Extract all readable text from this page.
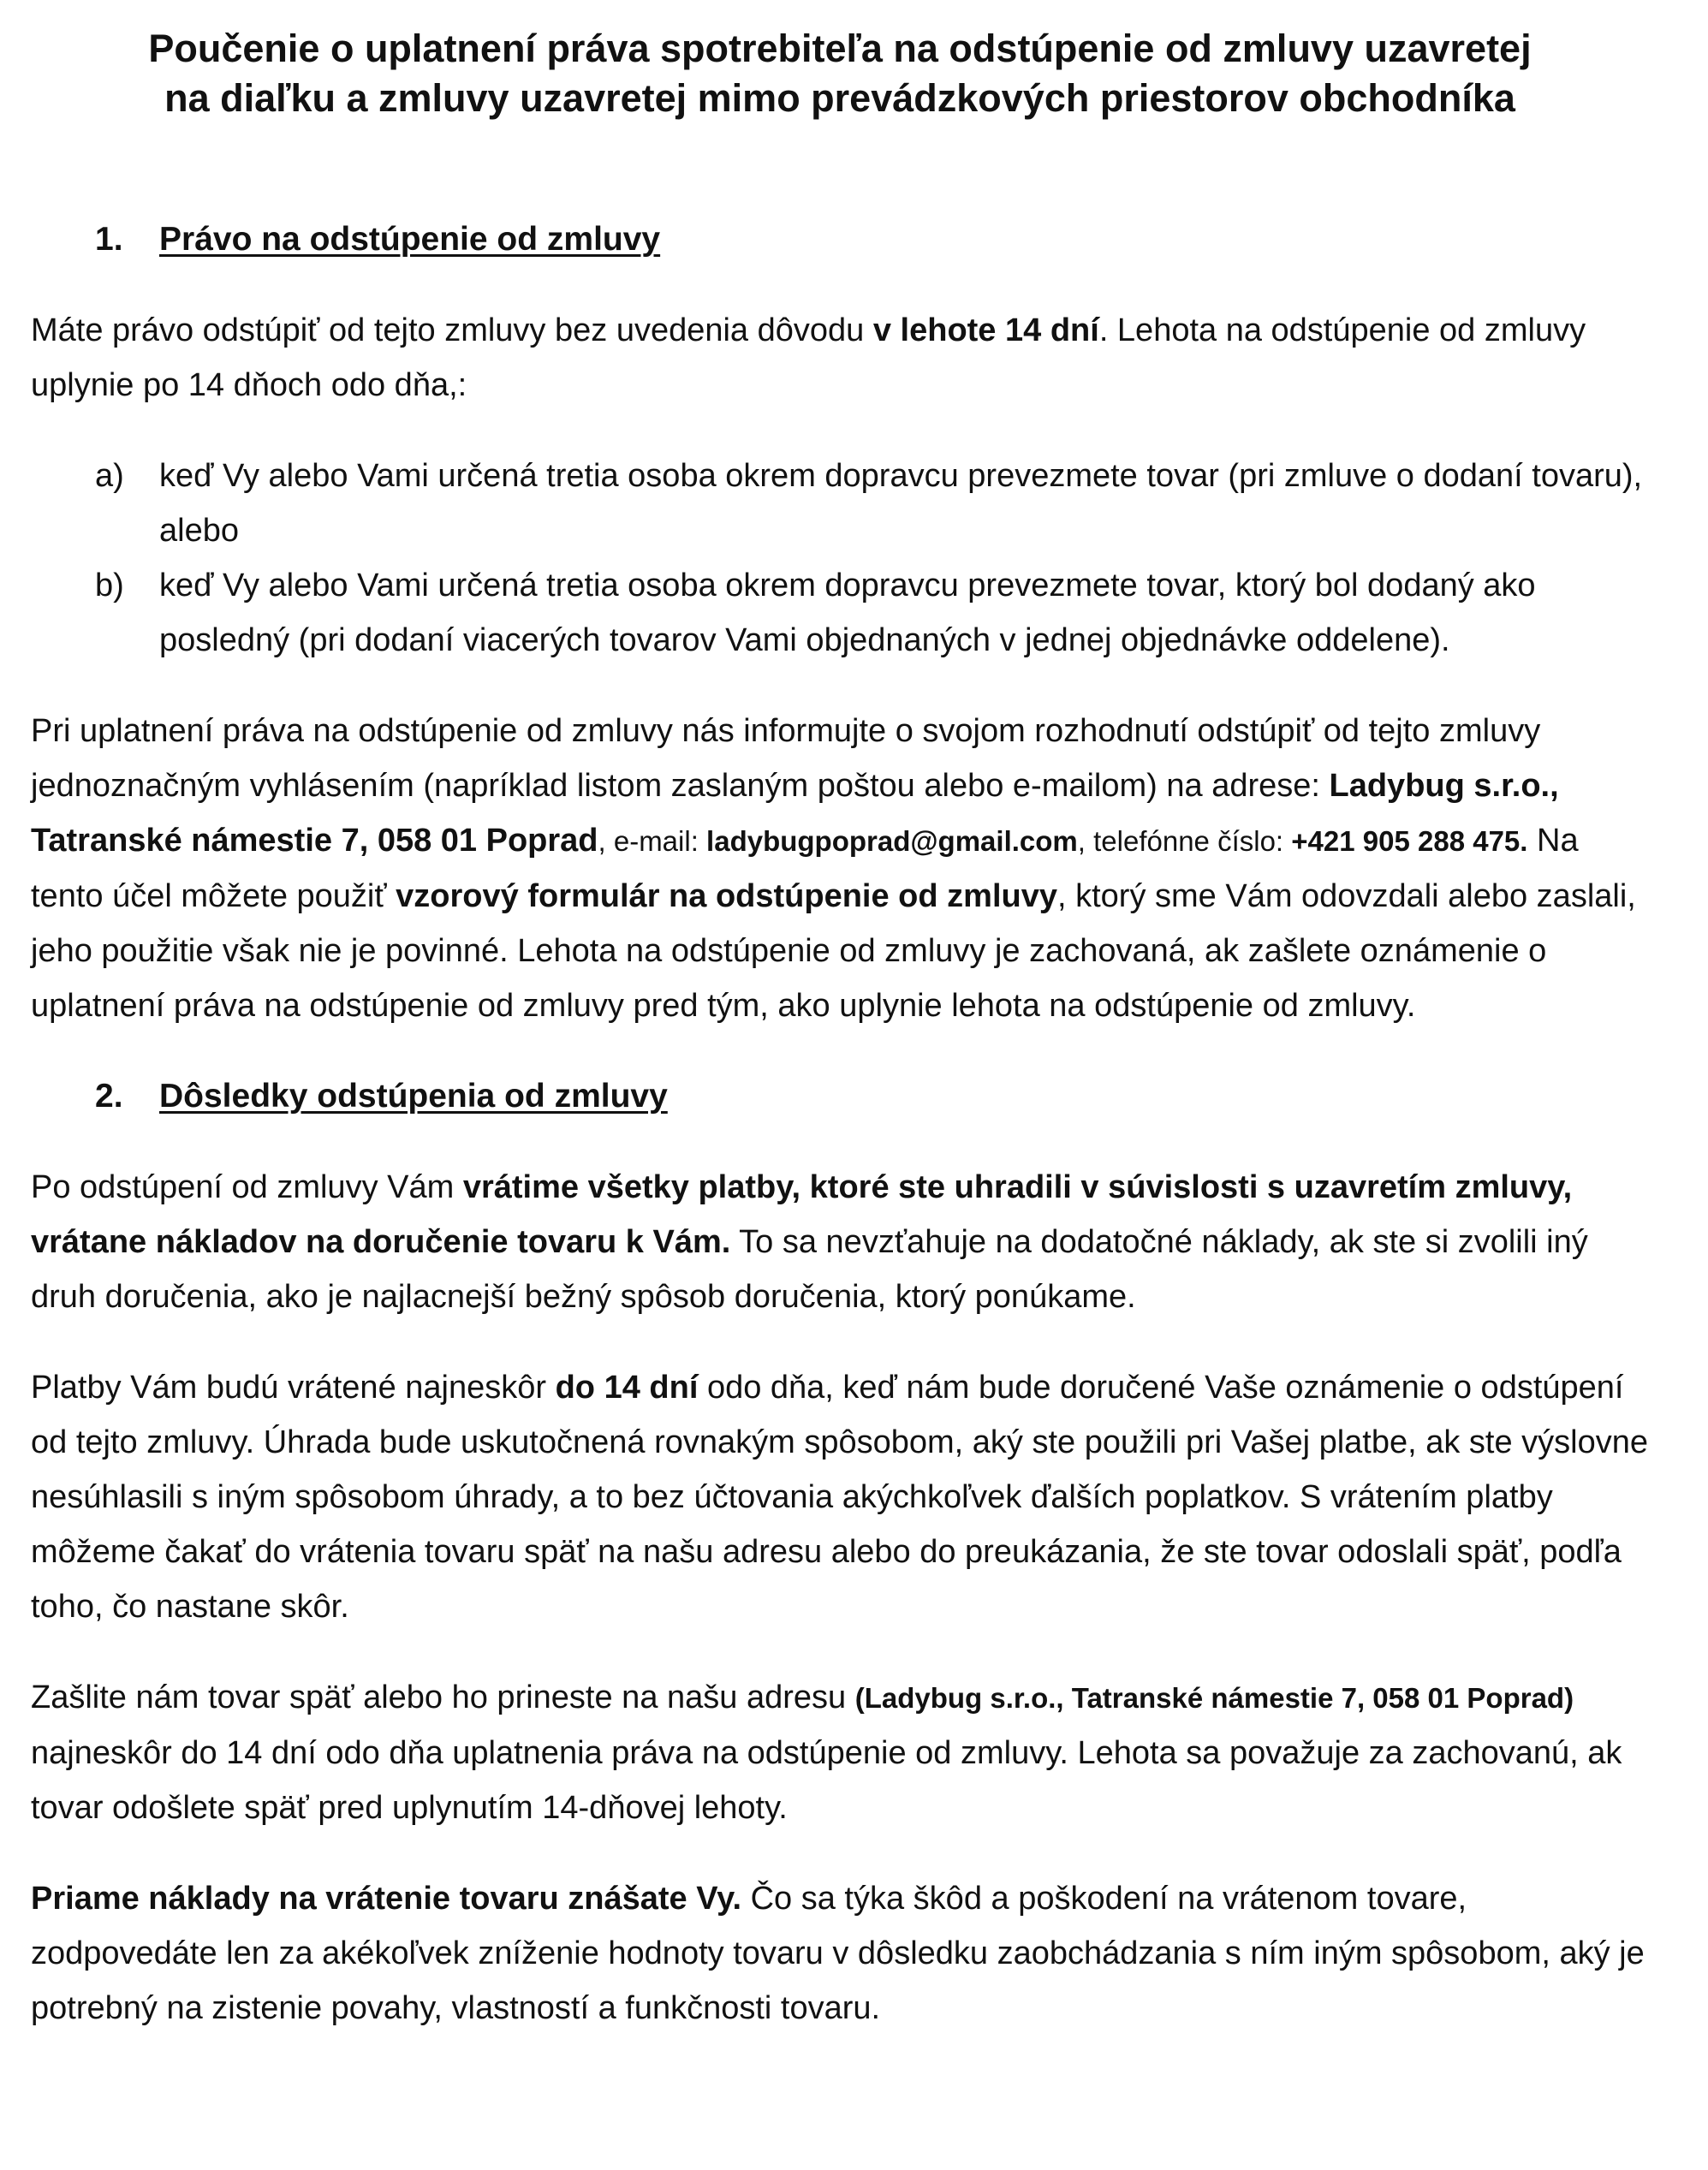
Poučenie o uplatnení práva spotrebiteľa na odstúpenie od zmluvy uzavretej
na diaľku a zmluvy uzavretej mimo prevádzkových priestorov obchodníka
1.	Právo na odstúpenie od zmluvy

Máte právo odstúpiť od tejto zmluvy bez uvedenia dôvodu v lehote 14 dní. Lehota na odstúpenie od zmluvy uplynie po 14 dňoch odo dňa,:

a)	keď Vy alebo Vami určená tretia osoba okrem dopravcu prevezmete tovar (pri zmluve o dodaní tovaru), alebo
b)	keď Vy alebo Vami určená tretia osoba okrem dopravcu prevezmete tovar, ktorý bol dodaný ako posledný (pri dodaní viacerých tovarov Vami objednaných v jednej objednávke oddelene).

Pri uplatnení práva na odstúpenie od zmluvy nás informujte o svojom rozhodnutí odstúpiť od tejto zmluvy jednoznačným vyhlásením (napríklad listom zaslaným poštou alebo e-mailom) na adrese: Ladybug s.r.o., Tatranské námestie 7, 058 01 Poprad, e-mail: ladybugpoprad@gmail.com, telefónne číslo: +421 905 288 475. Na tento účel môžete použiť vzorový formulár na odstúpenie od zmluvy, ktorý sme Vám odovzdali alebo zaslali, jeho použitie však nie je povinné. Lehota na odstúpenie od zmluvy je zachovaná, ak zašlete oznámenie o uplatnení práva na odstúpenie od zmluvy pred tým, ako uplynie lehota na odstúpenie od zmluvy.

2.	Dôsledky odstúpenia od zmluvy

Po odstúpení od zmluvy Vám vrátime všetky platby, ktoré ste uhradili v súvislosti s uzavretím zmluvy, vrátane nákladov na doručenie tovaru k Vám. To sa nevzťahuje na dodatočné náklady, ak ste si zvolili iný druh doručenia, ako je najlacnejší bežný spôsob doručenia, ktorý ponúkame.

Platby Vám budú vrátené najneskôr do 14 dní odo dňa, keď nám bude doručené Vaše oznámenie o odstúpení od tejto zmluvy. Úhrada bude uskutočnená rovnakým spôsobom, aký ste použili pri Vašej platbe, ak ste výslovne nesúhlasili s iným spôsobom úhrady, a to bez účtovania akýchkoľvek ďalších poplatkov. S vrátením platby môžeme čakať do vrátenia tovaru späť na našu adresu alebo do preukázania, že ste tovar odoslali späť, podľa toho, čo nastane skôr.

Zašlite nám tovar späť alebo ho prineste na našu adresu (Ladybug s.r.o., Tatranské námestie 7, 058 01 Poprad) najneskôr do 14 dní odo dňa uplatnenia práva na odstúpenie od zmluvy. Lehota sa považuje za zachovanú, ak tovar odošlete späť pred uplynutím 14-dňovej lehoty.

Priame náklady na vrátenie tovaru znášate Vy. Čo sa týka škôd a poškodení na vrátenom tovare, zodpovedáte len za akékoľvek zníženie hodnoty tovaru v dôsledku zaobchádzania s ním iným spôsobom, aký je potrebný na zistenie povahy, vlastností a funkčnosti tovaru.
